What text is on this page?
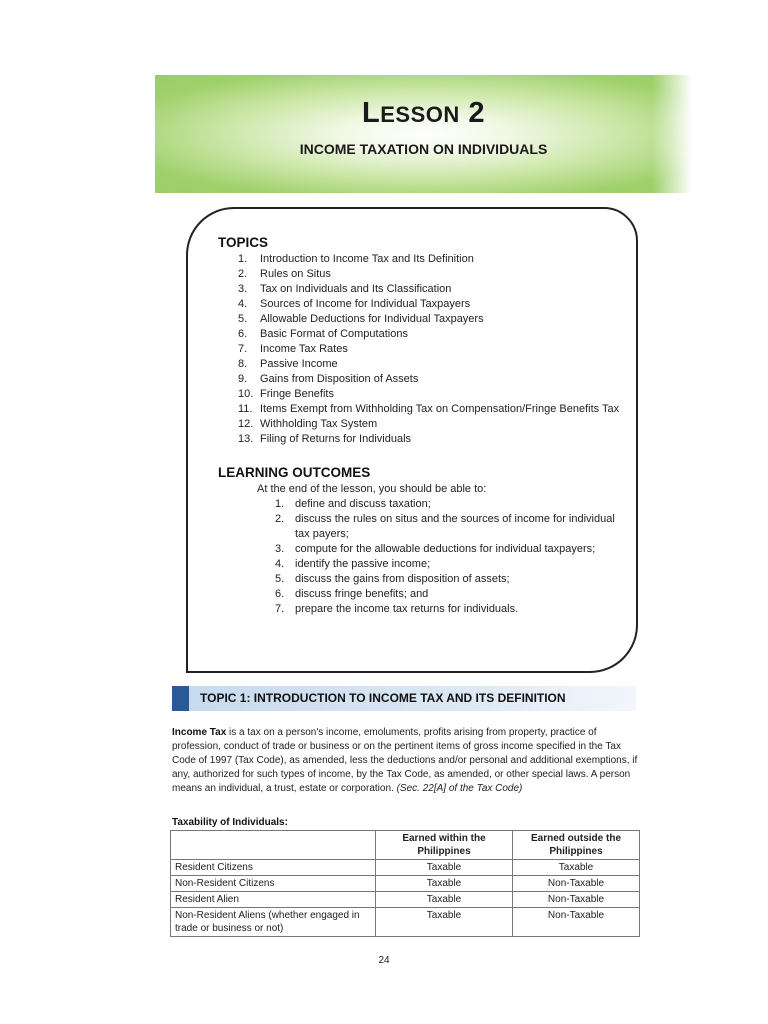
LESSON 2
INCOME TAXATION ON INDIVIDUALS
TOPICS
1.	Introduction to Income Tax and Its Definition
2.	Rules on Situs
3.	Tax on Individuals and Its Classification
4.	Sources of Income for Individual Taxpayers
5.	Allowable Deductions for Individual Taxpayers
6.	Basic Format of Computations
7.	Income Tax Rates
8.	Passive Income
9.	Gains from Disposition of Assets
10. Fringe Benefits
11. Items Exempt from Withholding Tax on Compensation/Fringe Benefits Tax
12. Withholding Tax System
13. Filing of Returns for Individuals
LEARNING OUTCOMES
At the end of the lesson, you should be able to:
1. define and discuss taxation;
2. discuss the rules on situs and the sources of income for individual tax payers;
3. compute for the allowable deductions for individual taxpayers;
4. identify the passive income;
5. discuss the gains from disposition of assets;
6. discuss fringe benefits; and
7. prepare the income tax returns for individuals.
TOPIC 1: INTRODUCTION TO INCOME TAX AND ITS DEFINITION
Income Tax is a tax on a person's income, emoluments, profits arising from property, practice of profession, conduct of trade or business or on the pertinent items of gross income specified in the Tax Code of 1997 (Tax Code), as amended, less the deductions and/or personal and additional exemptions, if any, authorized for such types of income, by the Tax Code, as amended, or other special laws. A person means an individual, a trust, estate or corporation. (Sec. 22[A] of the Tax Code)
Taxability of Individuals:
	Earned within the Philippines	Earned outside the Philippines
Resident Citizens	Taxable	Taxable
Non-Resident Citizens	Taxable	Non-Taxable
Resident Alien	Taxable	Non-Taxable
Non-Resident Aliens (whether engaged in trade or business or not)	Taxable	Non-Taxable
24
